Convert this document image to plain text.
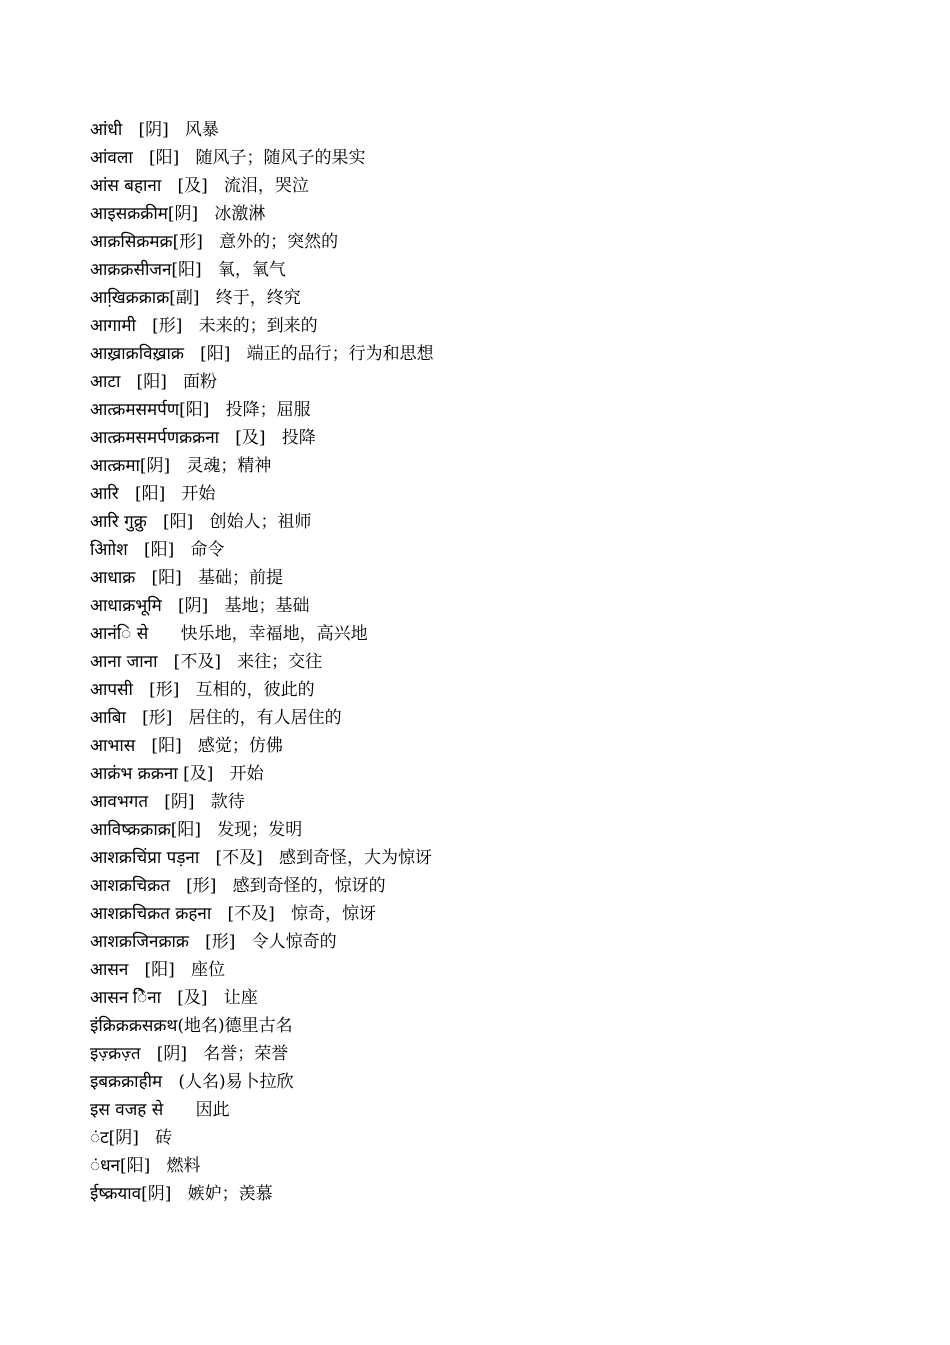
आंधी   [阴]   风暴
आंवला   [阳]   随风子；随风子的果实
आंस बहाना   [及]   流泪，哭泣
आइसक्रक्रीम[阴]   冰激淋
आक्रसिक्रमक्र[形]   意外的；突然的
आक्रक्रसीजन[阳]   氧，氧气
आखि़क्रक्राक्र[副]   终于，终究
आगामी   [形]   未来的；到来的
आख़्राक्रविख़्राक्र   [阳]   端正的品行；行为和思想
आटा   [阳]   面粉
आत्क्रमसमर्पण[阳]   投降；屈服
आत्क्रमसमर्पणक्रक्रना   [及]   投降
आत्क्रमा[阴]   灵魂；精神
आरि   [阳]   开始
आरि गुक्रु   [阳]   创始人；祖师
आोिश   [阳]   命令
आधाक्र   [阳]   基础；前提
आधाक्रभूमि   [阴]   基地；基础
आनंि से      快乐地，幸福地，高兴地
आना जाना   [不及]   来往；交往
आपसी   [形]   互相的，彼此的
आबाि   [形]   居住的，有人居住的
आभास   [阳]   感觉；仿佛
आक्रंभ क्रक्रना [及]   开始
आवभगत   [阴]   款待
आविष्क्रक्राक्र[阳]   发现；发明
आशक्रचिंप्रा पड़ना   [不及]   感到奇怪，大为惊讶
आशक्रचिक्रत   [形]   感到奇怪的，惊讶的
आशक्रचिक्रत क्रहना   [不及]   惊奇，惊讶
आशक्रजिनक्राक्र   [形]   令人惊奇的
आसन   [阳]   座位
आसन िेना   [及]   让座
इंक्रिक्रक्रसक्रथ(地名)德里古名
इज़्क्रज़्त   [阴]   名誉；荣誉
इबक्रक्राहीम   (人名)易卜拉欣
इस वजह से      因此
ंट[阴]   砖
ंधन[阳]   燃料
ईष्क्रयाव[阴]   嫉妒；羡慕
